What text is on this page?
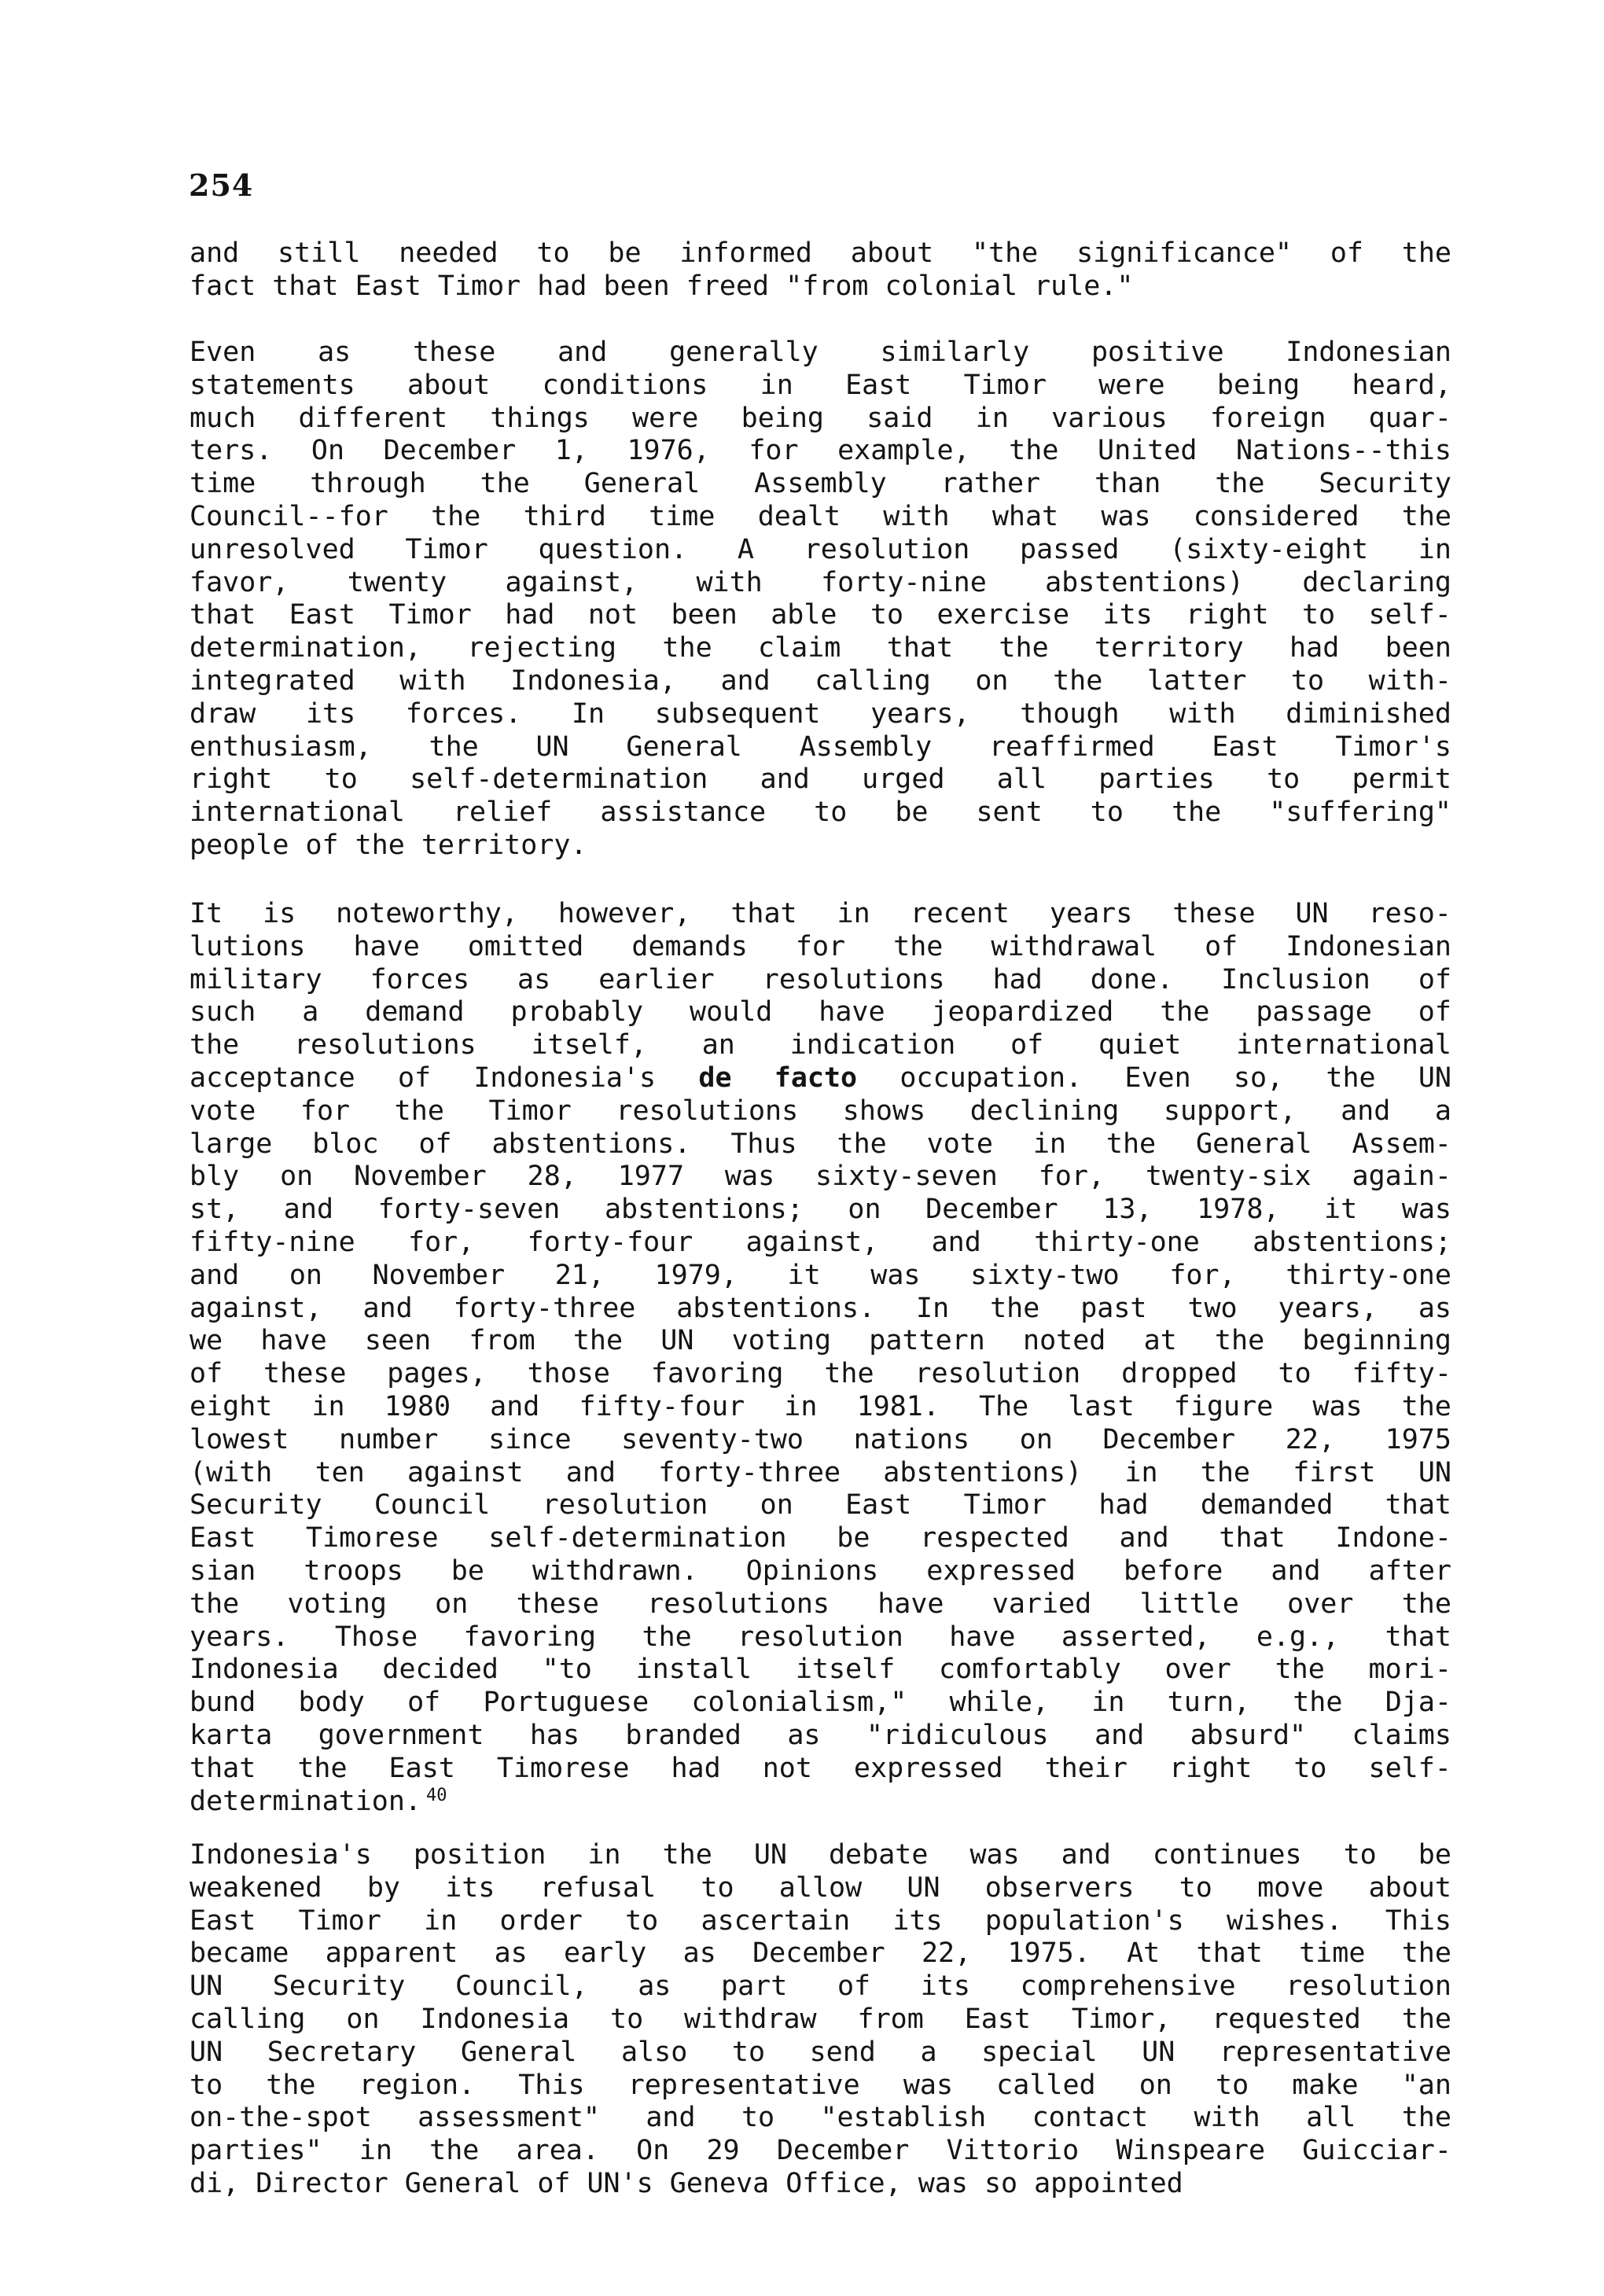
254
and still needed to be informed about "the significance" of the
fact that East Timor had been freed "from colonial rule."
Even as these and generally similarly positive Indonesian
statements about conditions in East Timor were being heard,
much different things were being said in various foreign quar-
ters. On December 1, 1976, for example, the United Nations--this
time through the General Assembly rather than the Security
Council--for the third time dealt with what was considered the
unresolved Timor question. A resolution passed (sixty-eight in
favor, twenty against, with forty-nine abstentions) declaring
that East Timor had not been able to exercise its right to self-
determination, rejecting the claim that the territory had been
integrated with Indonesia, and calling on the latter to with-
draw its forces. In subsequent years, though with diminished
enthusiasm, the UN General Assembly reaffirmed East Timor's
right to self-determination and urged all parties to permit
international relief assistance to be sent to the "suffering"
people of the territory.
It is noteworthy, however, that in recent years these UN reso-
lutions have omitted demands for the withdrawal of Indonesian
military forces as earlier resolutions had done. Inclusion of
such a demand probably would have jeopardized the passage of
the resolutions itself, an indication of quiet international
acceptance of Indonesia's de facto occupation. Even so, the UN
vote for the Timor resolutions shows declining support, and a
large bloc of abstentions. Thus the vote in the General Assem-
bly on November 28, 1977 was sixty-seven for, twenty-six again-
st, and forty-seven abstentions; on December 13, 1978, it was
fifty-nine for, forty-four against, and thirty-one abstentions;
and on November 21, 1979, it was sixty-two for, thirty-one
against, and forty-three abstentions. In the past two years, as
we have seen from the UN voting pattern noted at the beginning
of these pages, those favoring the resolution dropped to fifty-
eight in 1980 and fifty-four in 1981. The last figure was the
lowest number since seventy-two nations on December 22, 1975
(with ten against and forty-three abstentions) in the first UN
Security Council resolution on East Timor had demanded that
East Timorese self-determination be respected and that Indone-
sian troops be withdrawn. Opinions expressed before and after
the voting on these resolutions have varied little over the
years. Those favoring the resolution have asserted, e.g., that
Indonesia decided "to install itself comfortably over the mori-
bund body of Portuguese colonialism," while, in turn, the Dja-
karta government has branded as "ridiculous and absurd" claims
that the East Timorese had not expressed their right to self-
determination. $^{40}$
Indonesia's position in the UN debate was and continues to be
weakened by its refusal to allow UN observers to move about
East Timor in order to ascertain its population's wishes. This
became apparent as early as December 22, 1975. At that time the
UN Security Council, as part of its comprehensive resolution
calling on Indonesia to withdraw from East Timor, requested the
UN Secretary General also to send a special UN representative
to the region. This representative was called on to make "an
on-the-spot assessment" and to "establish contact with all the
parties" in the area. On 29 December Vittorio Winspeare Guicciar-
di, Director General of UN's Geneva Office, was so appointed
